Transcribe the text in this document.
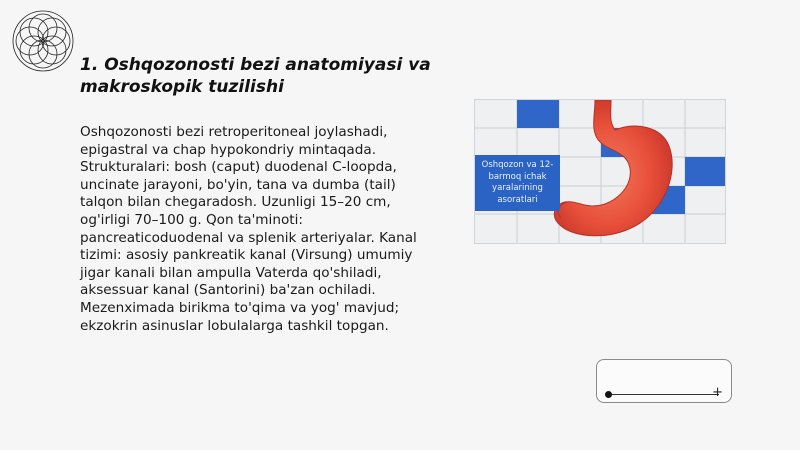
1. Oshqozonosti bezi anatomiyasi va makroskopik tuzilishi

Oshqozonosti bezi retroperitoneal joylashadi, epigastral va chap hypokondriy mintaqada. Strukturalari: bosh (caput) duodenal C-loopda, uncinate jarayoni, bo'yin, tana va dumba (tail) talqon bilan chegaradosh. Uzunligi 15–20 cm, og'irligi 70–100 g. Qon ta'minoti: pancreaticoduodenal va splenik arteriyalar. Kanal tizimi: asosiy pankreatik kanal (Virsung) umumiy jigar kanali bilan ampulla Vaterda qo'shiladi, aksessuar kanal (Santorini) ba'zan ochiladi. Mezenximada birikma to'qima va yog' mavjud; ekzokrin asinuslar lobulalarga tashkil topgan.

Oshqozon va 12-barmoq ichak yaralarining asoratlari
+
